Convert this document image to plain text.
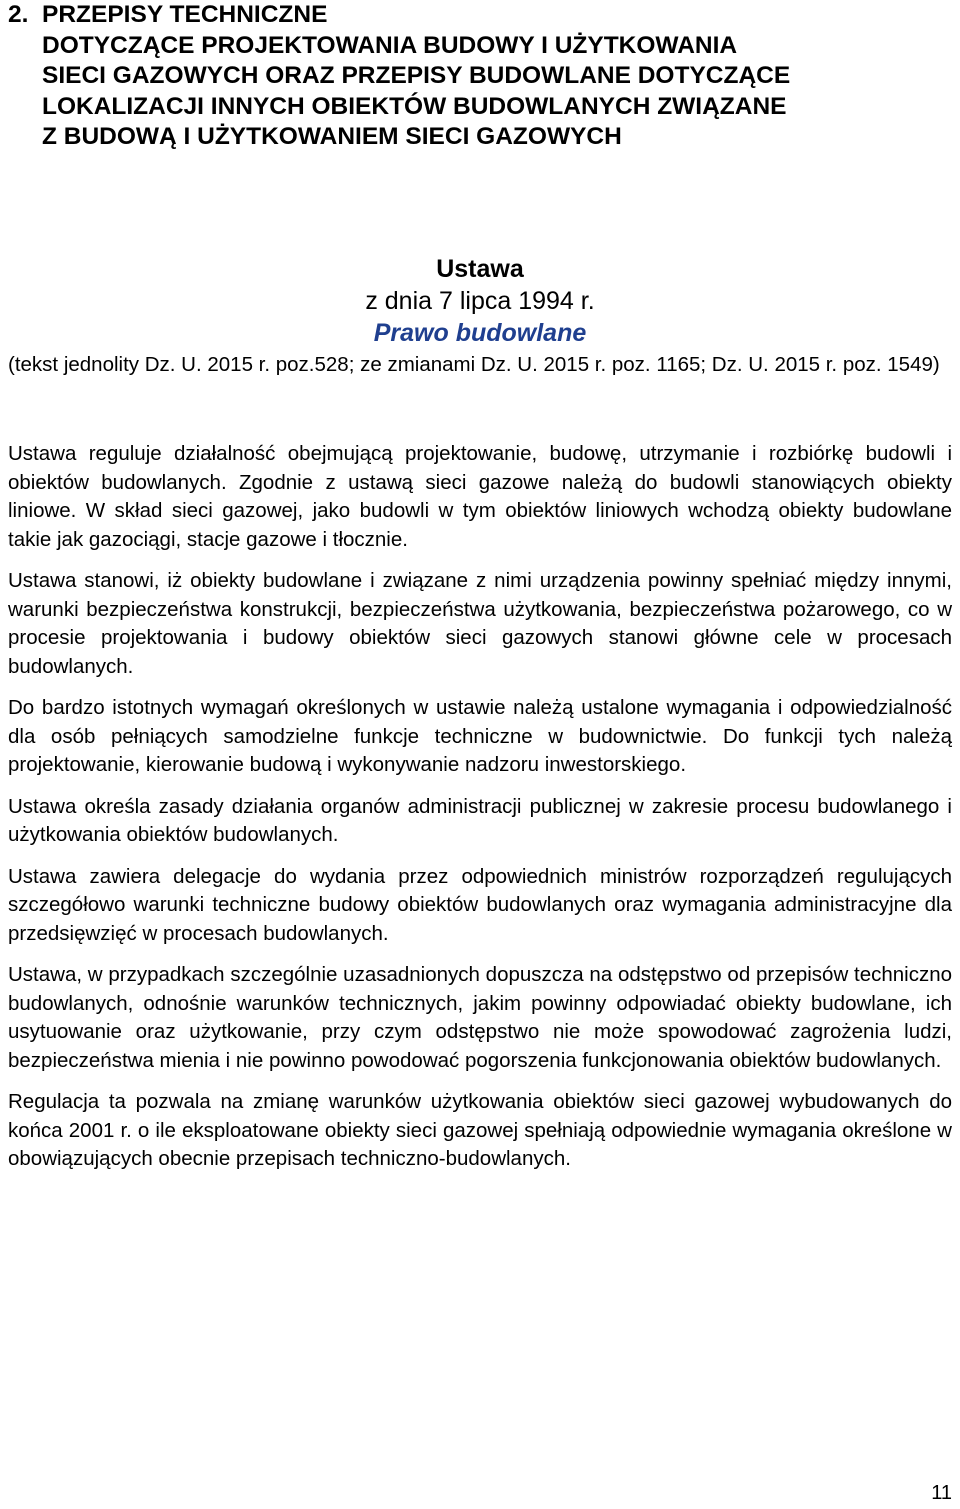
2. PRZEPISY TECHNICZNE
DOTYCZĄCE PROJEKTOWANIA BUDOWY I UŻYTKOWANIA
SIECI GAZOWYCH ORAZ PRZEPISY BUDOWLANE DOTYCZĄCE
LOKALIZACJI INNYCH OBIEKTÓW BUDOWLANYCH ZWIĄZANE
Z BUDOWĄ I UŻYTKOWANIEM SIECI GAZOWYCH
Ustawa
z dnia 7 lipca 1994 r.
Prawo budowlane

(tekst jednolity Dz. U. 2015 r. poz.528; ze zmianami Dz. U. 2015 r. poz. 1165; Dz. U. 2015 r. poz. 1549)

Ustawa reguluje działalność obejmującą projektowanie, budowę, utrzymanie i rozbiórkę budowli i obiektów budowlanych. Zgodnie z ustawą sieci gazowe należą do budowli stanowiących obiekty liniowe. W skład sieci gazowej, jako budowli w tym obiektów liniowych wchodzą obiekty budowlane takie jak gazociągi, stacje gazowe i tłocznie.

Ustawa stanowi, iż obiekty budowlane i związane z nimi urządzenia powinny spełniać między innymi, warunki bezpieczeństwa konstrukcji, bezpieczeństwa użytkowania, bezpieczeństwa pożarowego, co w procesie projektowania i budowy obiektów sieci gazowych stanowi główne cele w procesach budowlanych.

Do bardzo istotnych wymagań określonych w ustawie należą ustalone wymagania i odpowiedzialność dla osób pełniących samodzielne funkcje techniczne w budownictwie. Do funkcji tych należą projektowanie, kierowanie budową i wykonywanie nadzoru inwestorskiego.

Ustawa określa zasady działania organów administracji publicznej w zakresie procesu budowlanego i użytkowania obiektów budowlanych.

Ustawa zawiera delegacje do wydania przez odpowiednich ministrów rozporządzeń regulujących szczegółowo warunki techniczne budowy obiektów budowlanych oraz wymagania administracyjne dla przedsięwzięć w procesach budowlanych.

Ustawa, w przypadkach szczególnie uzasadnionych dopuszcza na odstępstwo od przepisów techniczno budowlanych, odnośnie warunków technicznych, jakim powinny odpowiadać obiekty budowlane, ich usytuowanie oraz użytkowanie, przy czym odstępstwo nie może spowodować zagrożenia ludzi, bezpieczeństwa mienia i nie powinno powodować pogorszenia funkcjonowania obiektów budowlanych.

Regulacja ta pozwala na zmianę warunków użytkowania obiektów sieci gazowej wybudowanych do końca 2001 r. o ile eksploatowane obiekty sieci gazowej spełniają odpowiednie wymagania określone w obowiązujących obecnie przepisach techniczno-budowlanych.

11
